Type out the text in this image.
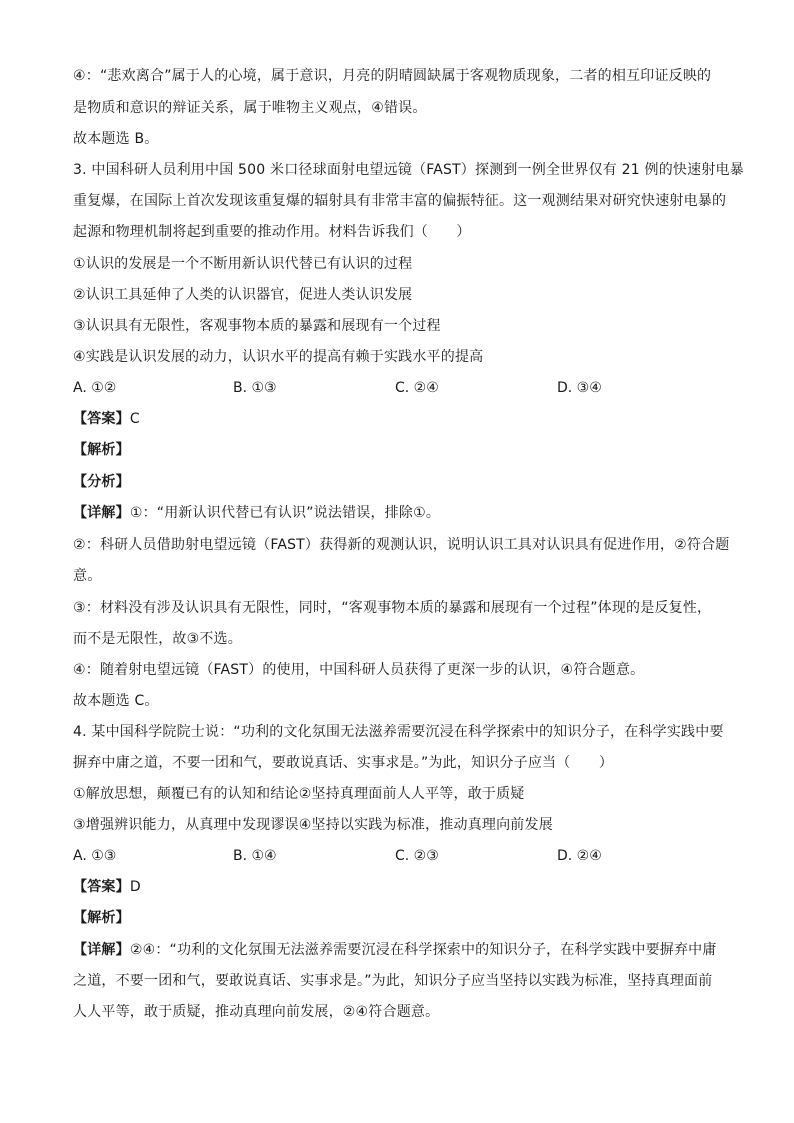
④：“悲欢离合”属于人的心境，属于意识，月亮的阴晴圆缺属于客观物质现象，二者的相互印证反映的
是物质和意识的辩证关系，属于唯物主义观点，④错误。
故本题选 B。
3. 中国科研人员利用中国 500 米口径球面射电望远镜（FAST）探测到一例全世界仅有 21 例的快速射电暴
重复爆，在国际上首次发现该重复爆的辐射具有非常丰富的偏振特征。这一观测结果对研究快速射电暴的
起源和物理机制将起到重要的推动作用。材料告诉我们（　　）
①认识的发展是一个不断用新认识代替已有认识的过程
②认识工具延伸了人类的认识器官，促进人类认识发展
③认识具有无限性，客观事物本质的暴露和展现有一个过程
④实践是认识发展的动力，认识水平的提高有赖于实践水平的提高
A. ①②	B. ①③	C. ②④	D. ③④
【答案】C
【解析】
【分析】
【详解】①：“用新认识代替已有认识”说法错误，排除①。
②：科研人员借助射电望远镜（FAST）获得新的观测认识，说明认识工具对认识具有促进作用，②符合题
意。
③：材料没有涉及认识具有无限性，同时，“客观事物本质的暴露和展现有一个过程”体现的是反复性，
而不是无限性，故③不选。
④：随着射电望远镜（FAST）的使用，中国科研人员获得了更深一步的认识，④符合题意。
故本题选 C。
4. 某中国科学院院士说：“功利的文化氛围无法滋养需要沉浸在科学探索中的知识分子，在科学实践中要
摒弃中庸之道，不要一团和气，要敢说真话、实事求是。”为此，知识分子应当（　　）
①解放思想，颠覆已有的认知和结论②坚持真理面前人人平等，敢于质疑
③增强辨识能力，从真理中发现谬误④坚持以实践为标准，推动真理向前发展
A. ①③	B. ①④	C. ②③	D. ②④
【答案】D
【解析】
【详解】②④：“功利的文化氛围无法滋养需要沉浸在科学探索中的知识分子，在科学实践中要摒弃中庸
之道，不要一团和气，要敢说真话、实事求是。”为此，知识分子应当坚持以实践为标准，坚持真理面前
人人平等，敢于质疑，推动真理向前发展，②④符合题意。
